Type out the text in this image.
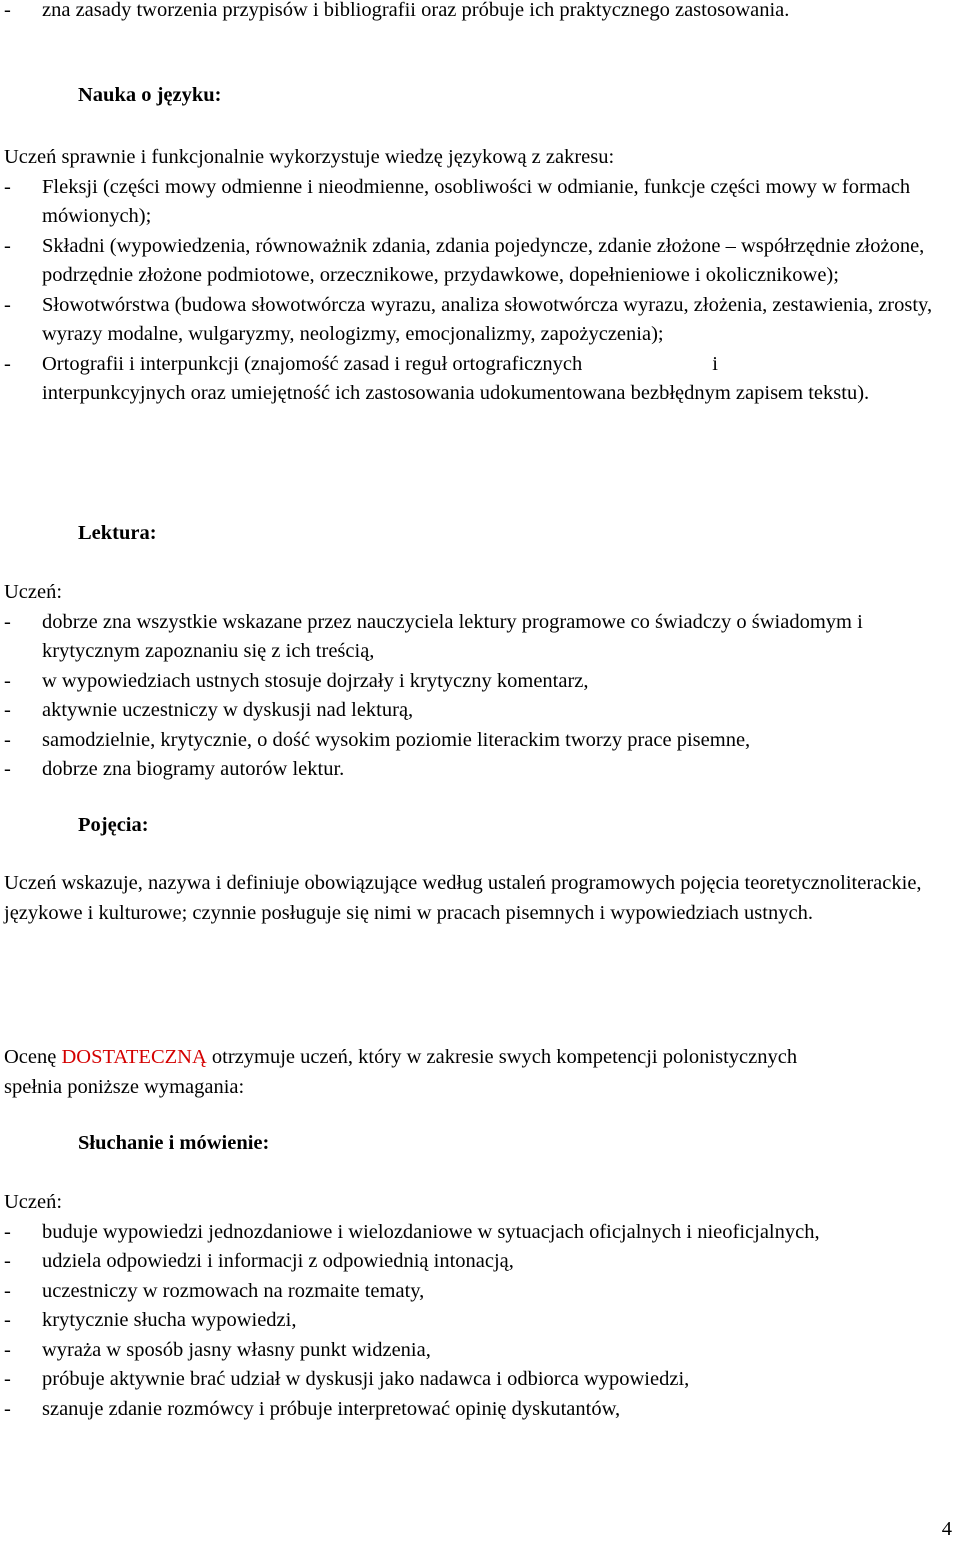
- zna zasady tworzenia przypisów i bibliografii oraz próbuje ich praktycznego zastosowania.
Nauka o języku:
Uczeń sprawnie i funkcjonalnie wykorzystuje wiedzę językową z zakresu:
- Fleksji (części mowy odmienne i nieodmienne, osobliwości w odmianie, funkcje części mowy w formach mówionych);
- Składni (wypowiedzenia, równoważnik zdania, zdania pojedyncze, zdanie złożone – współrzędnie złożone, podrzędnie złożone podmiotowe, orzecznikowe, przydawkowe, dopełnieniowe i okolicznikowe);
- Słowotwórstwa (budowa słowotwórcza wyrazu, analiza słowotwórcza wyrazu, złożenia, zestawienia, zrosty, wyrazy modalne, wulgaryzmy, neologizmy, emocjonalizmy, zapożyczenia);
- Ortografii i interpunkcji (znajomość zasad i reguł ortograficznych	i
interpunkcyjnych oraz umiejętność ich zastosowania udokumentowana bezbłędnym zapisem tekstu).
Lektura:
Uczeń:
- dobrze zna wszystkie wskazane przez nauczyciela lektury programowe co świadczy o świadomym i krytycznym zapoznaniu się z ich treścią,
- w wypowiedziach ustnych stosuje dojrzały i krytyczny komentarz,
- aktywnie uczestniczy w dyskusji nad lekturą,
- samodzielnie, krytycznie, o dość wysokim poziomie literackim tworzy prace pisemne,
- dobrze zna biogramy autorów lektur.
Pojęcia:
Uczeń wskazuje, nazywa i definiuje obowiązujące według ustaleń programowych pojęcia teoretycznoliterackie, językowe i kulturowe; czynnie posługuje się nimi w pracach pisemnych i wypowiedziach ustnych.
Ocenę DOSTATECZNĄ otrzymuje uczeń, który w zakresie swych kompetencji polonistycznych spełnia poniższe wymagania:
Słuchanie i mówienie:
Uczeń:
- buduje wypowiedzi jednozdaniowe i wielozdaniowe w sytuacjach oficjalnych i nieoficjalnych,
- udziela odpowiedzi i informacji z odpowiednią intonacją,
- uczestniczy w rozmowach na rozmaite tematy,
- krytycznie słucha wypowiedzi,
- wyraża w sposób jasny własny punkt widzenia,
- próbuje aktywnie brać udział w dyskusji jako nadawca i odbiorca wypowiedzi,
- szanuje zdanie rozmówcy i próbuje interpretować opinię dyskutantów,
4
